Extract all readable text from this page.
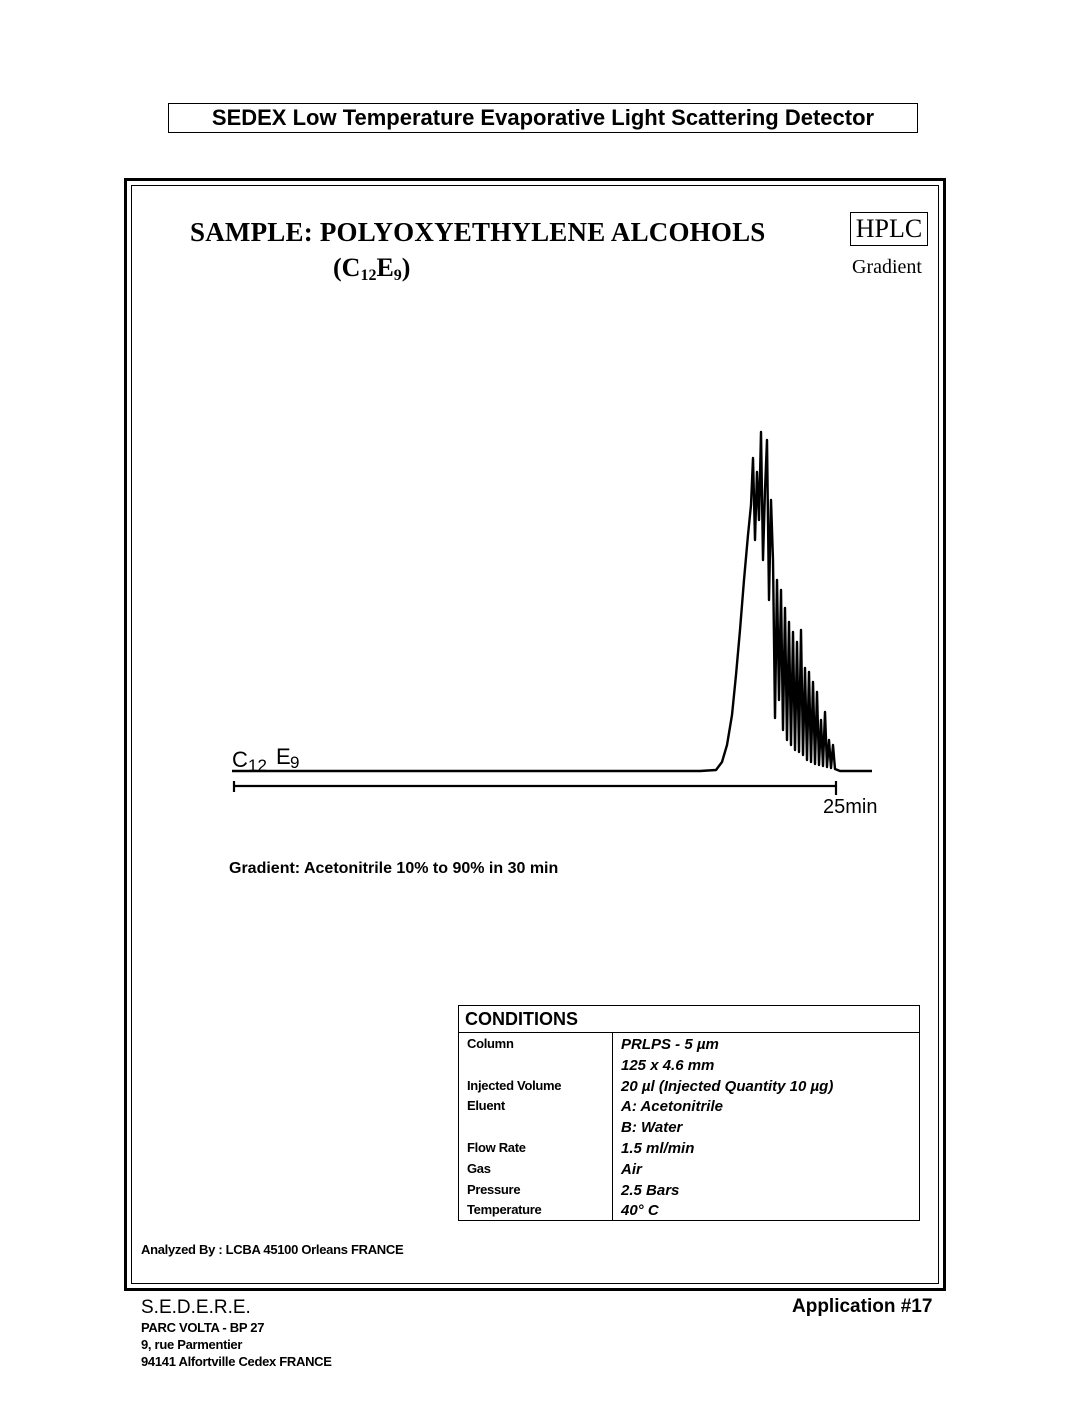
SEDEX Low Temperature Evaporative Light Scattering Detector
SAMPLE: POLYOXYETHYLENE ALCOHOLS
$(C_{12}E_9)$
HPLC
Gradient
C 12 E 9
25min
Gradient: Acetonitrile 10% to 90% in 30 min
CONDITIONS
Column	PRLPS - 5 µm
125 x 4.6 mm
Injected Volume	20 µl (Injected Quantity 10 µg)
Eluent	A: Acetonitrile
B: Water
Flow Rate	1.5 ml/min
Gas	Air
Pressure	2.5 Bars
Temperature	40° C
Analyzed By : LCBA 45100 Orleans FRANCE
S.E.D.E.R.E.
PARC VOLTA - BP 27
9, rue Parmentier
94141 Alfortville Cedex FRANCE
Application #17
